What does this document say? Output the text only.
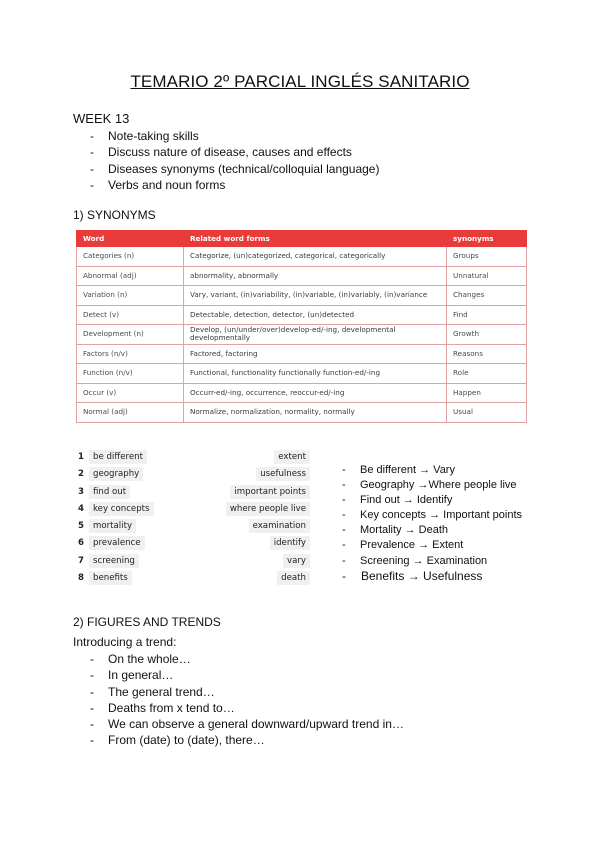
TEMARIO 2º PARCIAL INGLÉS SANITARIO
WEEK 13
- Note-taking skills
- Discuss nature of disease, causes and effects
- Diseases synonyms (technical/colloquial language)
- Verbs and noun forms
1) SYNONYMS
Word	Related word forms	synonyms
Categories (n)	Categorize, (un)categorized, categorical, categorically	Groups
Abnormal (adj)	abnormality, abnormally	Unnatural
Variation (n)	Vary, variant, (in)variability, (in)variable, (in)variably, (in)variance	Changes
Detect (v)	Detectable, detection, detector, (un)detected	Find
Development (n)	Develop, (un/under/over)develop-ed/-ing, developmental developmentally	Growth
Factors (n/v)	Factored, factoring	Reasons
Function (n/v)	Functional, functionality functionally function-ed/-ing	Role
Occur (v)	Occurr-ed/-ing, occurrence, reoccur-ed/-ing	Happen
Normal (adj)	Normalize, normalization, normality, normally	Usual
1	be different	extent
2	geography	usefulness
3	find out	important points
4	key concepts	where people live
5	mortality	examination
6	prevalence	identify
7	screening	vary
8	benefits	death
- Be different → Vary
- Geography →Where people live
- Find out → Identify
- Key concepts → Important points
- Mortality → Death
- Prevalence → Extent
- Screening → Examination
- Benefits → Usefulness
2) FIGURES AND TRENDS
Introducing a trend:
- On the whole…
- In general…
- The general trend…
- Deaths from x tend to…
- We can observe a general downward/upward trend in…
- From (date) to (date), there…
